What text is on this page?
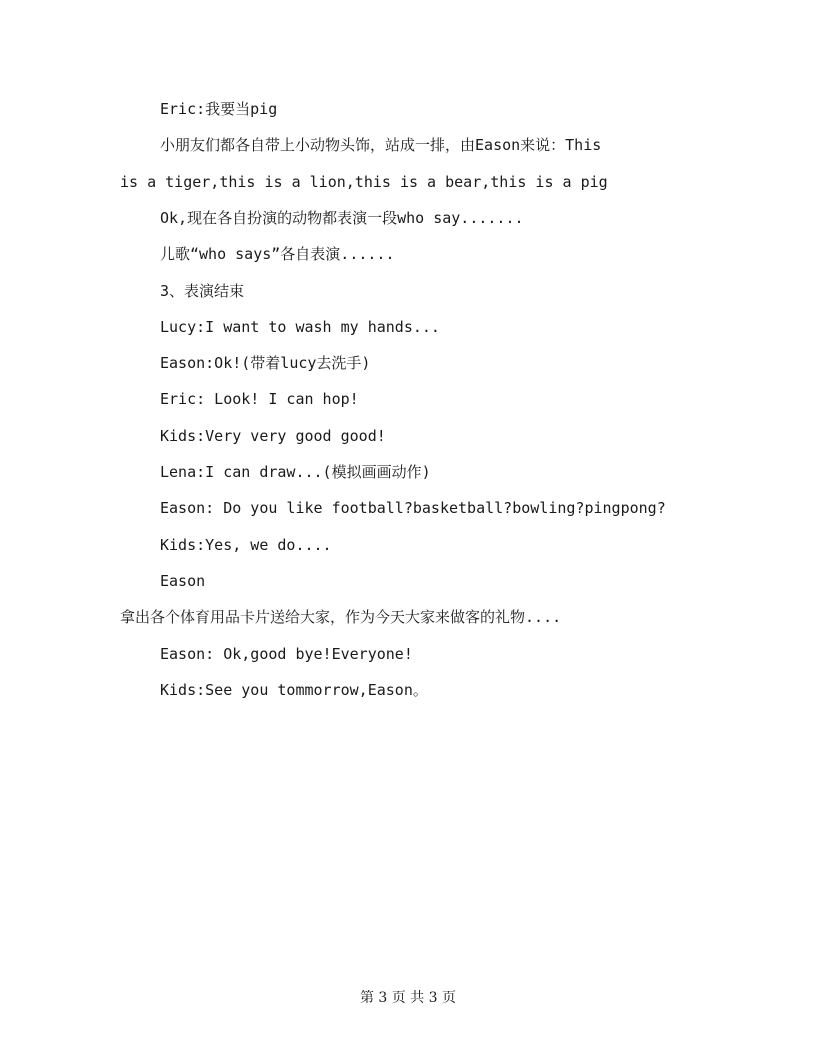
Eric:我要当pig
小朋友们都各自带上小动物头饰，站成一排，由Eason来说：This
is a tiger,this is a lion,this is a bear,this is a pig
Ok,现在各自扮演的动物都表演一段who say.......
儿歌“who says”各自表演......
3、表演结束
Lucy:I want to wash my hands...
Eason:Ok!(带着lucy去洗手)
Eric: Look! I can hop!
Kids:Very very good good!
Lena:I can draw...(模拟画画动作)
Eason: Do you like football?basketball?bowling?pingpong?
Kids:Yes, we do....
Eason
拿出各个体育用品卡片送给大家，作为今天大家来做客的礼物....
Eason: Ok,good bye!Everyone!
Kids:See you tommorrow,Eason。
第 3 页 共 3 页
